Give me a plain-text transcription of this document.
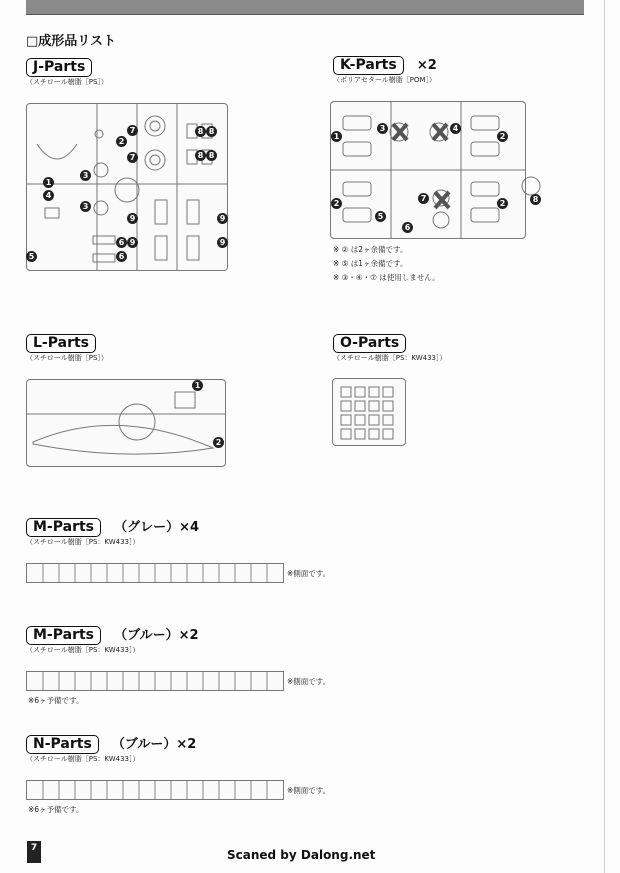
□成形品リスト
J-Parts
（スチロール樹脂［PS］）
2
7
7
8 8
8 8
3
3
1
4
9	9
9	9
6
6
5
K-Parts ×2
（ポリアセタール樹脂［POM］）
1
3	4
2
2	2
7
5
6
8
※ ② は2ヶ余備です。
※ ⑤ は1ヶ余備です。
※ ③・④・⑦ は使用しません。
L-Parts
（スチロール樹脂［PS］）
1
2
O-Parts
（スチロール樹脂［PS：KW433］）
M-Parts （グレー）×4
（スチロール樹脂［PS：KW433］）
※側面です。
M-Parts （ブルー）×2
（スチロール樹脂［PS：KW433］）
※側面です。
※6ヶ予備です。
N-Parts （ブルー）×2
（スチロール樹脂［PS：KW433］）
※側面です。
※6ヶ予備です。
7	Scaned by Dalong.net
